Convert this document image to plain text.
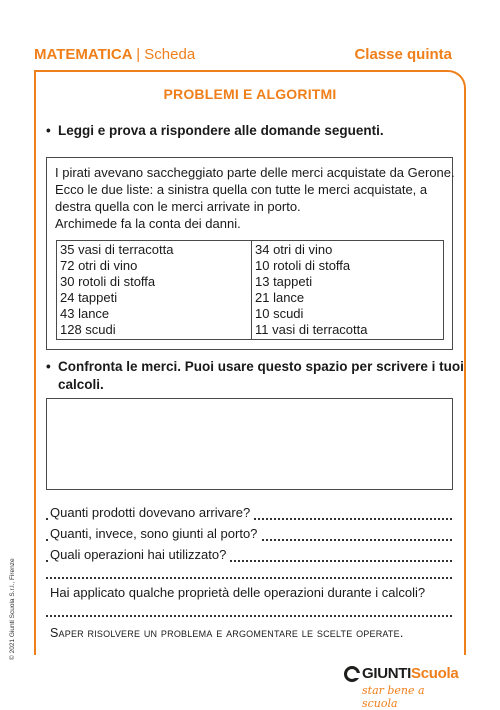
MATEMATICA | Scheda	Classe quinta
PROBLEMI E ALGORITMI
• Leggi e prova a rispondere alle domande seguenti.
I pirati avevano saccheggiato parte delle merci acquistate da Gerone.
Ecco le due liste: a sinistra quella con tutte le merci acquistate, a
destra quella con le merci arrivate in porto.
Archimede fa la conta dei danni.
35 vasi di terracotta
72 otri di vino
30 rotoli di stoffa
24 tappeti
43 lance
128 scudi
34 otri di vino
10 rotoli di stoffa
13 tappeti
21 lance
10 scudi
11 vasi di terracotta
• Confronta le merci. Puoi usare questo spazio per scrivere i tuoi
calcoli.
Quanti prodotti dovevano arrivare?
Quanti, invece, sono giunti al porto?
Quali operazioni hai utilizzato?
Hai applicato qualche proprietà delle operazioni durante i calcoli?
Saper risolvere un problema e argomentare le scelte operate.
© 2021 Giunti Scuola S.r.l., Firenze
GIUNTIScuola
star bene a scuola
